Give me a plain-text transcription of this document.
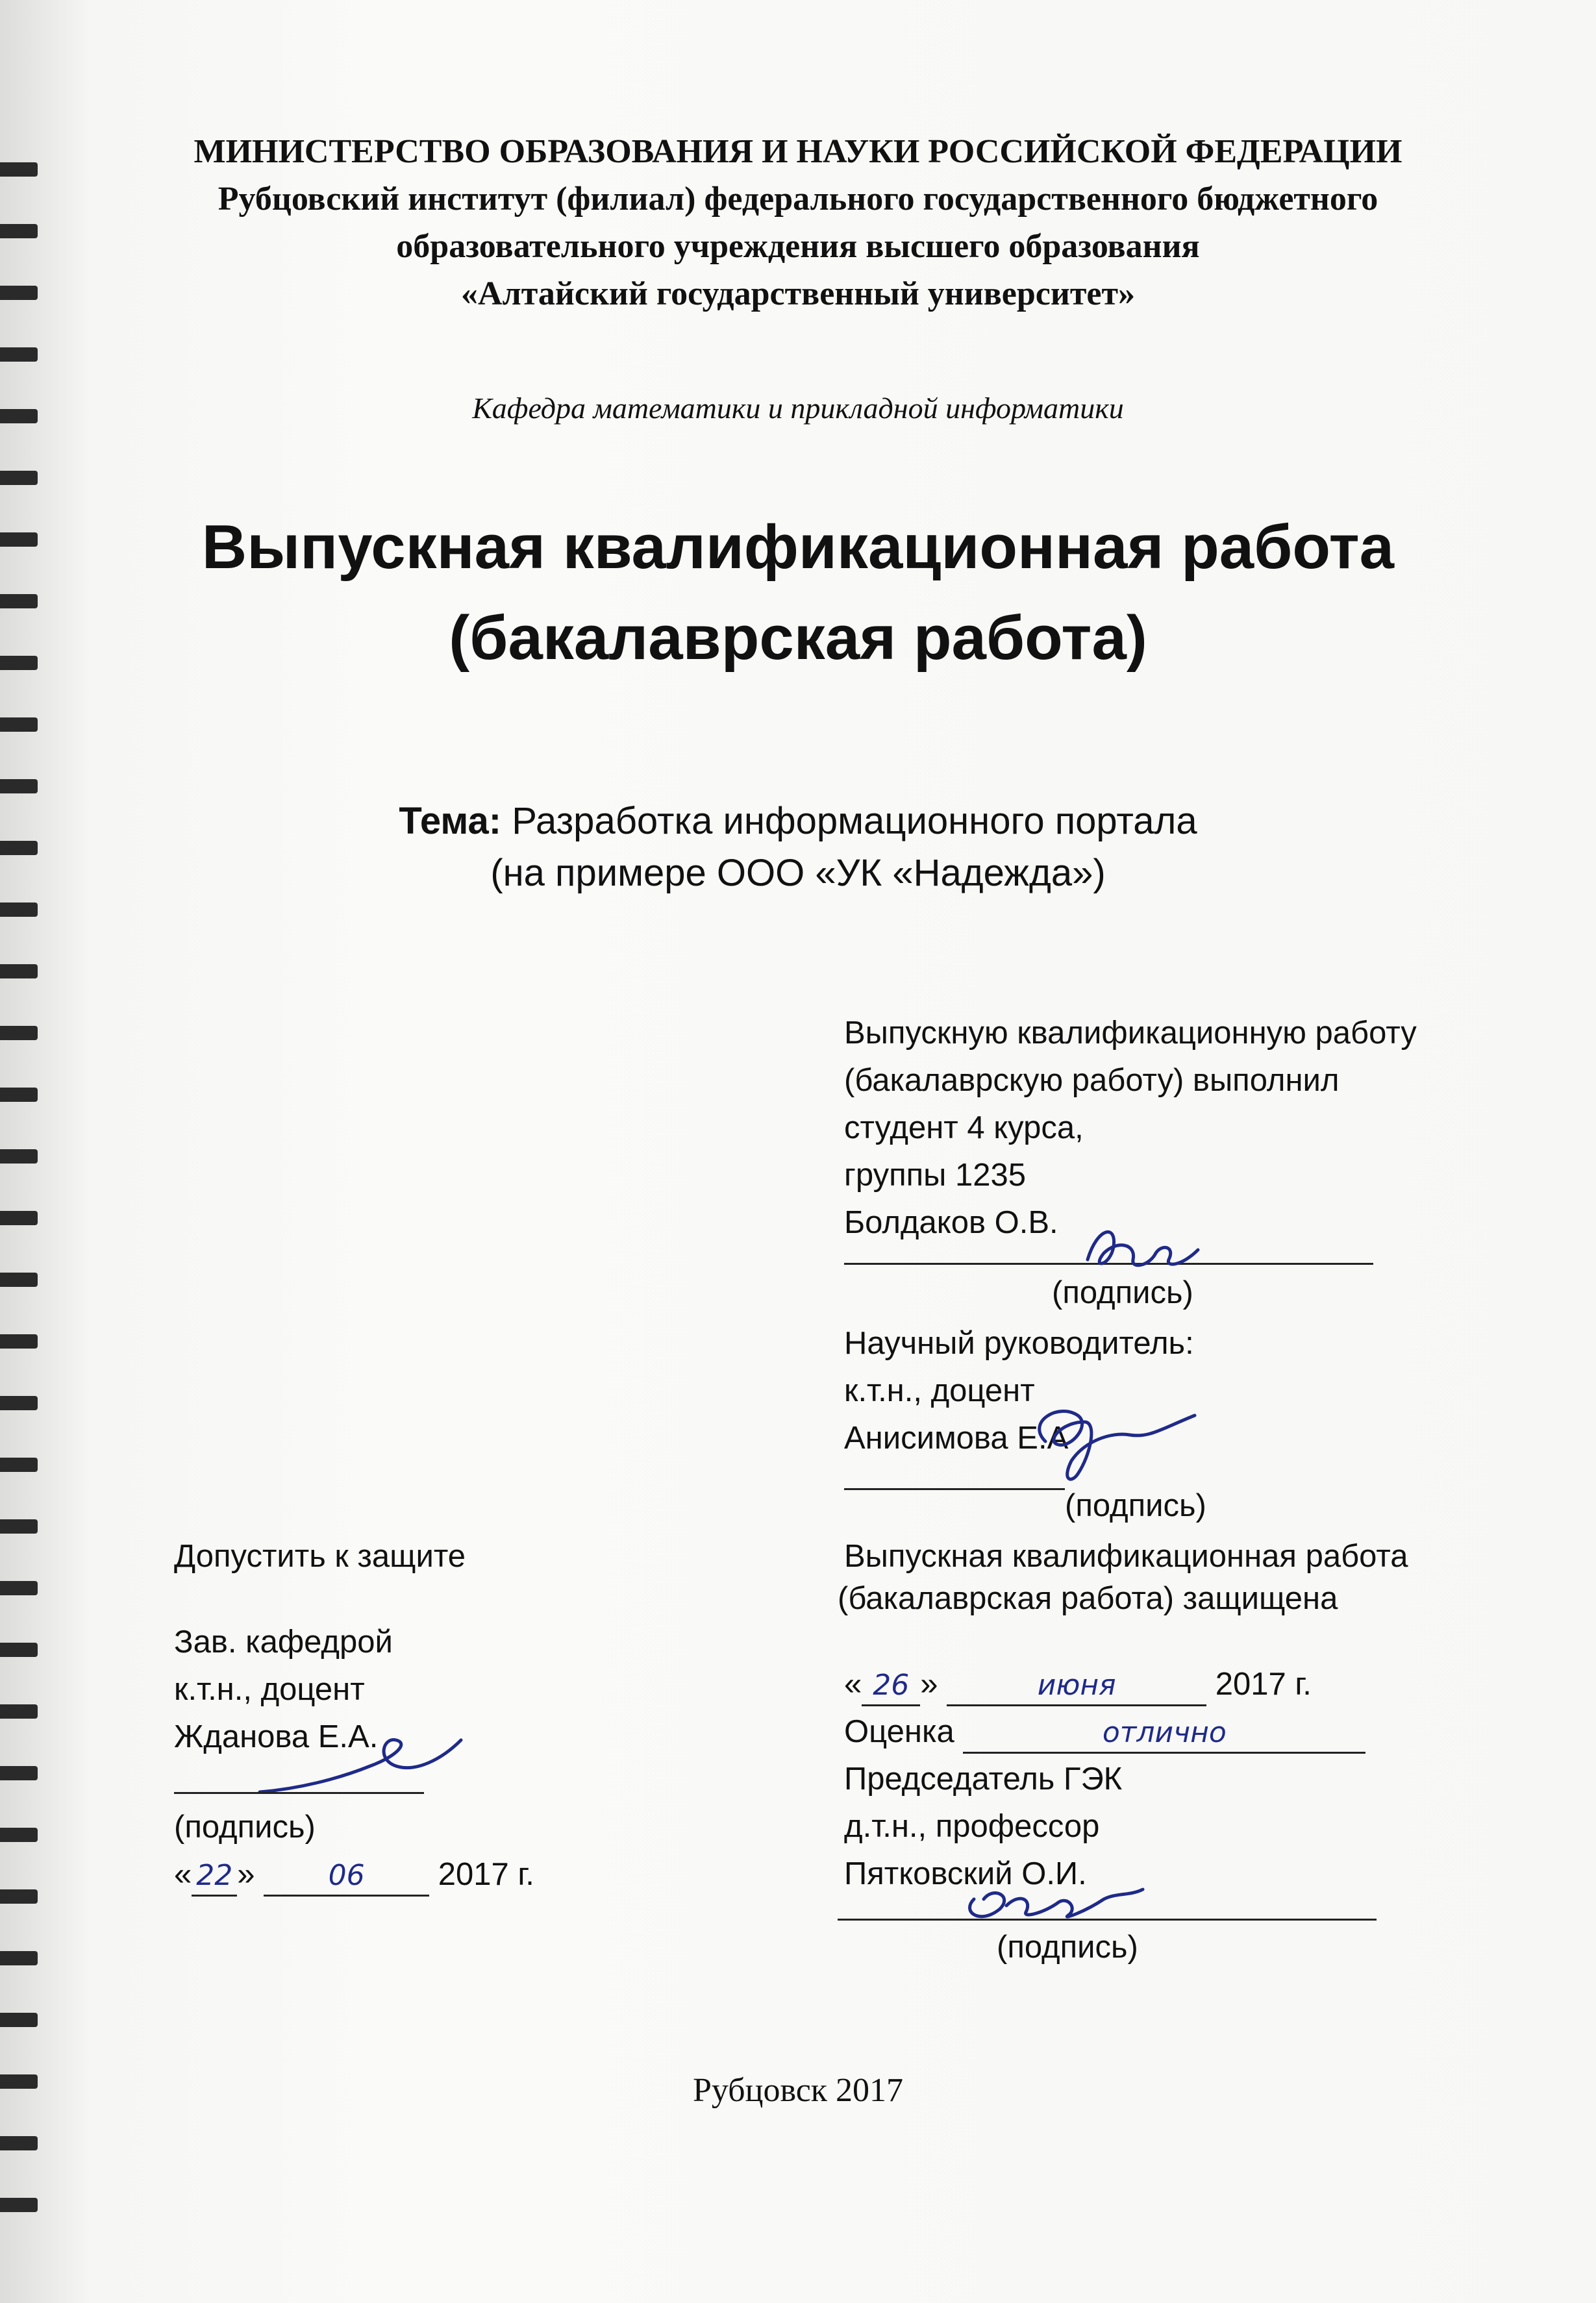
МИНИСТЕРСТВО ОБРАЗОВАНИЯ И НАУКИ РОССИЙСКОЙ ФЕДЕРАЦИИ
Рубцовский институт (филиал) федерального государственного бюджетного
образовательного учреждения высшего образования
«Алтайский государственный университет»
Кафедра математики и прикладной информатики
Выпускная квалификационная работа
(бакалаврская работа)
Тема: Разработка информационного портала
(на примере ООО «УК «Надежда»)
Выпускную квалификационную работу
(бакалаврскую работу) выполнил
студент 4 курса,
группы 1235
Болдаков О.В.
(подпись)
Научный руководитель:
к.т.н., доцент
Анисимова Е.А
(подпись)
Допустить к защите
Зав. кафедрой
к.т.н., доцент
Жданова Е.А.
(подпись)
« 22 »	06 2017 г.
Выпускная квалификационная работа
(бакалаврская работа) защищена
« 26 »	июня	2017 г.
Оценка	отлично
Председатель ГЭК
д.т.н., профессор
Пятковский О.И.
(подпись)
Рубцовск 2017
